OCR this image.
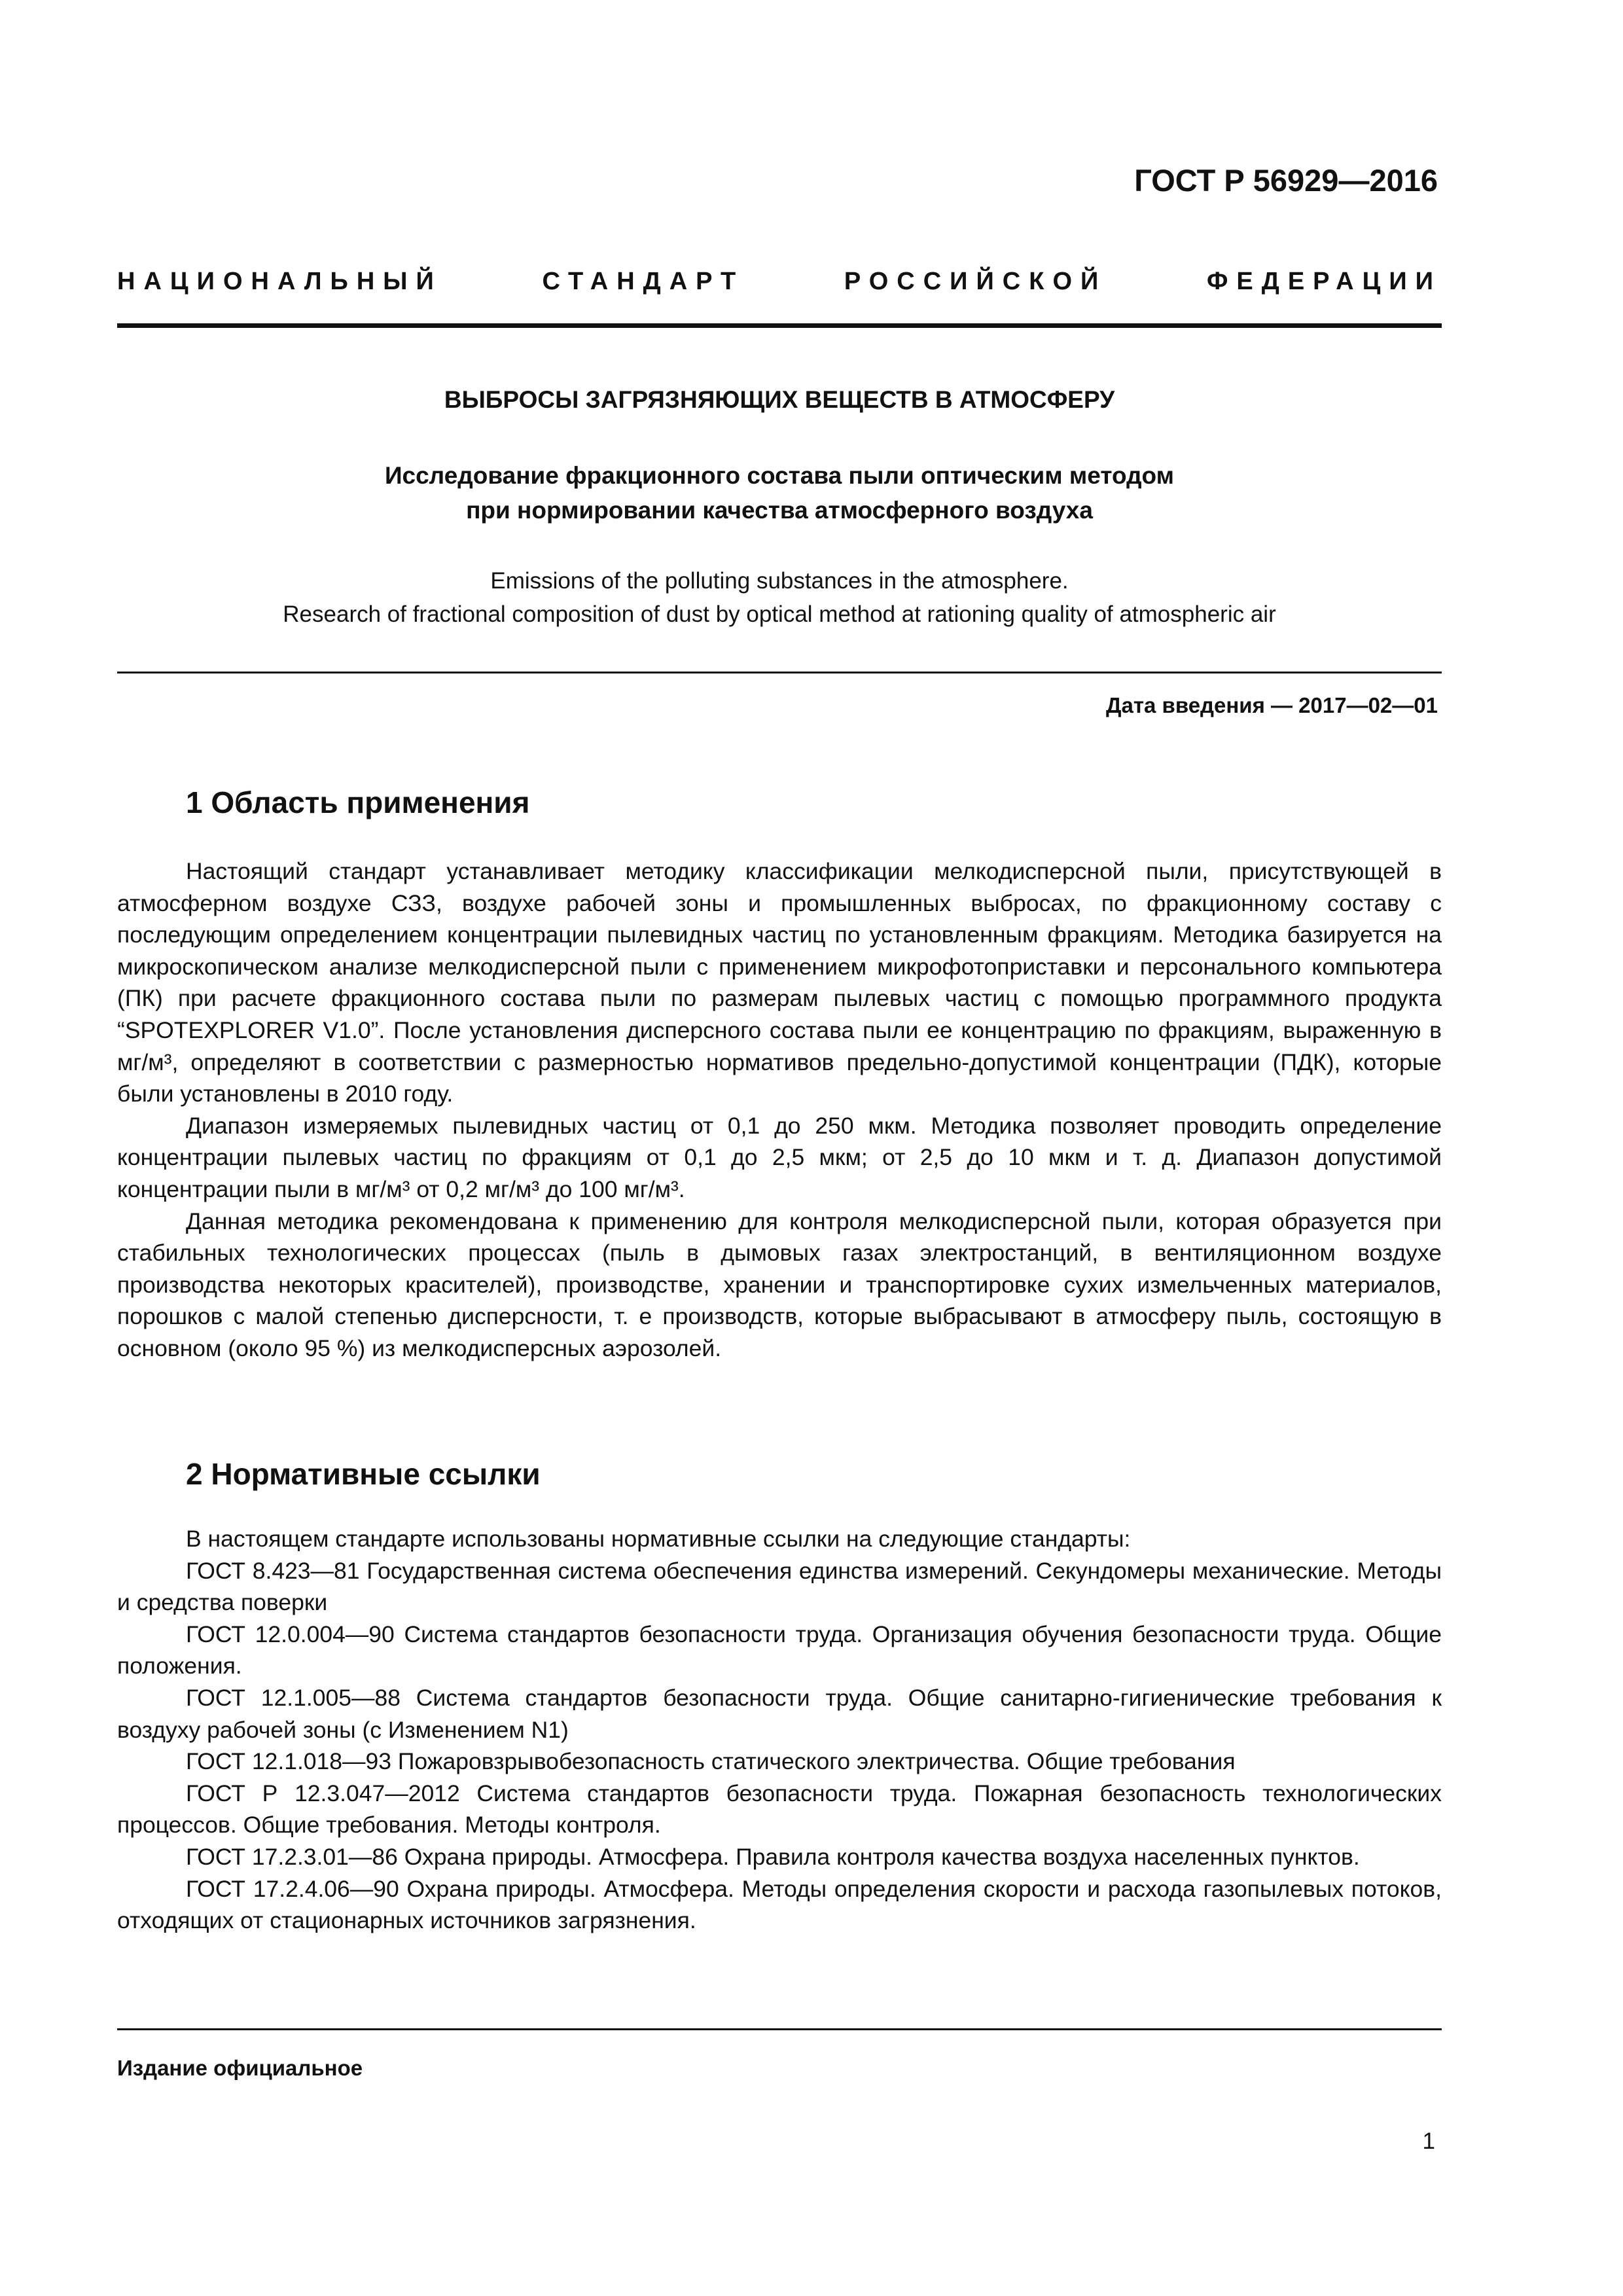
ГОСТ Р 56929—2016
НАЦИОНАЛЬНЫЙ	СТАНДАРТ	РОССИЙСКОЙ	ФЕДЕРАЦИИ
ВЫБРОСЫ ЗАГРЯЗНЯЮЩИХ ВЕЩЕСТВ В АТМОСФЕРУ
Исследование фракционного состава пыли оптическим методом
при нормировании качества атмосферного воздуха
Emissions of the polluting substances in the atmosphere.
Research of fractional composition of dust by optical method at rationing quality of atmospheric air
Дата введения — 2017—02—01
1 Область применения

Настоящий стандарт устанавливает методику классификации мелкодисперсной пыли, присутствующей в атмосферном воздухе СЗЗ, воздухе рабочей зоны и промышленных выбросах, по фракционному составу с последующим определением концентрации пылевидных частиц по установленным фракциям. Методика базируется на микроскопическом анализе мелкодисперсной пыли с применением микрофотоприставки и персонального компьютера (ПК) при расчете фракционного состава пыли по размерам пылевых частиц с помощью программного продукта “SPOTEXPLORER V1.0”. После установления дисперсного состава пыли ее концентрацию по фракциям, выраженную в мг/м³, определяют в соответствии с размерностью нормативов предельно-допустимой концентрации (ПДК), которые были установлены в 2010 году.

Диапазон измеряемых пылевидных частиц от 0,1 до 250 мкм. Методика позволяет проводить определение концентрации пылевых частиц по фракциям от 0,1 до 2,5 мкм; от 2,5 до 10 мкм и т. д. Диапазон допустимой концентрации пыли в мг/м³ от 0,2 мг/м³ до 100 мг/м³.

Данная методика рекомендована к применению для контроля мелкодисперсной пыли, которая образуется при стабильных технологических процессах (пыль в дымовых газах электростанций, в вентиляционном воздухе производства некоторых красителей), производстве, хранении и транспортировке сухих измельченных материалов, порошков с малой степенью дисперсности, т. е производств, которые выбрасывают в атмосферу пыль, состоящую в основном (около 95 %) из мелкодисперсных аэрозолей.

2 Нормативные ссылки

В настоящем стандарте использованы нормативные ссылки на следующие стандарты:

ГОСТ 8.423—81 Государственная система обеспечения единства измерений. Секундомеры механические. Методы и средства поверки

ГОСТ 12.0.004—90 Система стандартов безопасности труда. Организация обучения безопасности труда. Общие положения.

ГОСТ 12.1.005—88 Система стандартов безопасности труда. Общие санитарно-гигиенические требования к воздуху рабочей зоны (с Изменением N1)

ГОСТ 12.1.018—93 Пожаровзрывобезопасность статического электричества. Общие требования

ГОСТ Р 12.3.047—2012 Система стандартов безопасности труда. Пожарная безопасность технологических процессов. Общие требования. Методы контроля.

ГОСТ 17.2.3.01—86 Охрана природы. Атмосфера. Правила контроля качества воздуха населенных пунктов.

ГОСТ 17.2.4.06—90 Охрана природы. Атмосфера. Методы определения скорости и расхода газопылевых потоков, отходящих от стационарных источников загрязнения.

Издание официальное
1
